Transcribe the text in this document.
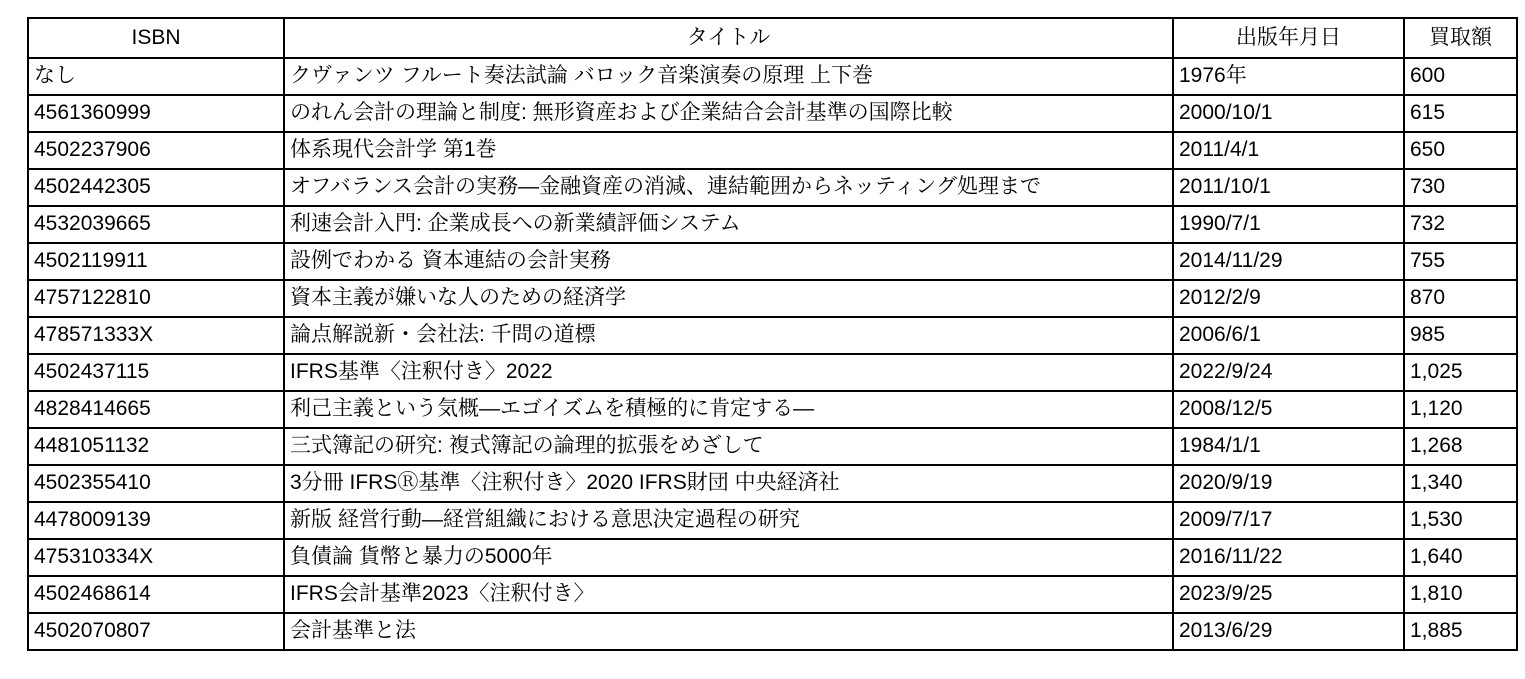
ISBN	タイトル	出版年月日	買取額
なし	クヴァンツ フルート奏法試論 バロック音楽演奏の原理 上下巻	1976年	600
4561360999	のれん会計の理論と制度: 無形資産および企業結合会計基準の国際比較	2000/10/1	615
4502237906	体系現代会計学 第1巻	2011/4/1	650
4502442305	オフバランス会計の実務―金融資産の消減、連結範囲からネッティング処理まで	2011/10/1	730
4532039665	利速会計入門: 企業成長への新業績評価システム	1990/7/1	732
4502119911	設例でわかる 資本連結の会計実務	2014/11/29	755
4757122810	資本主義が嫌いな人のための経済学	2012/2/9	870
478571333X	論点解説新・会社法: 千問の道標	2006/6/1	985
4502437115	IFRS基準〈注釈付き〉2022	2022/9/24	1,025
4828414665	利己主義という気概―エゴイズムを積極的に肯定する―	2008/12/5	1,120
4481051132	三式簿記の研究: 複式簿記の論理的拡張をめざして	1984/1/1	1,268
4502355410	3分冊 IFRSⓇ基準〈注釈付き〉2020 IFRS財団 中央経済社	2020/9/19	1,340
4478009139	新版 経営行動―経営組織における意思決定過程の研究	2009/7/17	1,530
475310334X	負債論 貨幣と暴力の5000年	2016/11/22	1,640
4502468614	IFRS会計基準2023〈注釈付き〉	2023/9/25	1,810
4502070807	会計基準と法	2013/6/29	1,885
